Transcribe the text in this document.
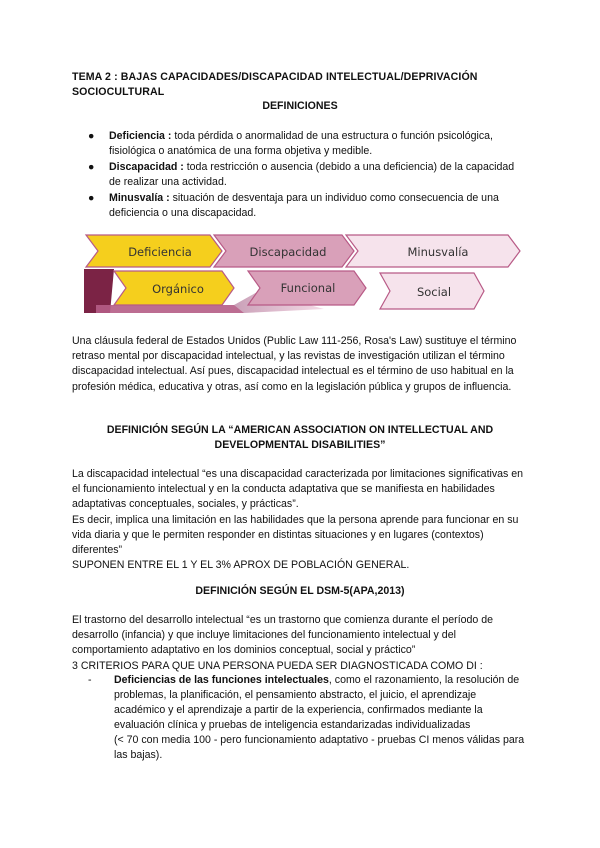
TEMA 2 : BAJAS CAPACIDADES/DISCAPACIDAD INTELECTUAL/DEPRIVACIÓN
SOCIOCULTURAL
DEFINICIONES
● Deficiencia : toda pérdida o anormalidad de una estructura o función psicológica, fisiológica o anatómica de una forma objetiva y medible.
● Discapacidad : toda restricción o ausencia (debido a una deficiencia) de la capacidad de realizar una actividad.
● Minusvalía : situación de desventaja para un individuo como consecuencia de una deficiencia o una discapacidad.
Deficiencia	Discapacidad	Minusvalía
Orgánico	Funcional	Social
Una cláusula federal de Estados Unidos (Public Law 111-256, Rosa's Law) sustituye el término retraso mental por discapacidad intelectual, y las revistas de investigación utilizan el término discapacidad intelectual. Así pues, discapacidad intelectual es el término de uso habitual en la profesión médica, educativa y otras, así como en la legislación pública y grupos de influencia.
DEFINICIÓN SEGÚN LA “AMERICAN ASSOCIATION ON INTELLECTUAL AND
DEVELOPMENTAL DISABILITIES”
La discapacidad intelectual “es una discapacidad caracterizada por limitaciones significativas en el funcionamiento intelectual y en la conducta adaptativa que se manifiesta en habilidades adaptativas conceptuales, sociales, y prácticas”.
Es decir, implica una limitación en las habilidades que la persona aprende para funcionar en su vida diaria y que le permiten responder en distintas situaciones y en lugares (contextos) diferentes”
SUPONEN ENTRE EL 1 Y EL 3% APROX DE POBLACIÓN GENERAL.
DEFINICIÓN SEGÚN EL DSM-5(APA,2013)
El trastorno del desarrollo intelectual “es un trastorno que comienza durante el período de desarrollo (infancia) y que incluye limitaciones del funcionamiento intelectual y del comportamiento adaptativo en los dominios conceptual, social y práctico”
3 CRITERIOS PARA QUE UNA PERSONA PUEDA SER DIAGNOSTICADA COMO DI :
-	Deficiencias de las funciones intelectuales, como el razonamiento, la resolución de problemas, la planificación, el pensamiento abstracto, el juicio, el aprendizaje académico y el aprendizaje a partir de la experiencia, confirmados mediante la evaluación clínica y pruebas de inteligencia estandarizadas individualizadas
(< 70 con media 100 - pero funcionamiento adaptativo - pruebas CI menos válidas para las bajas).
